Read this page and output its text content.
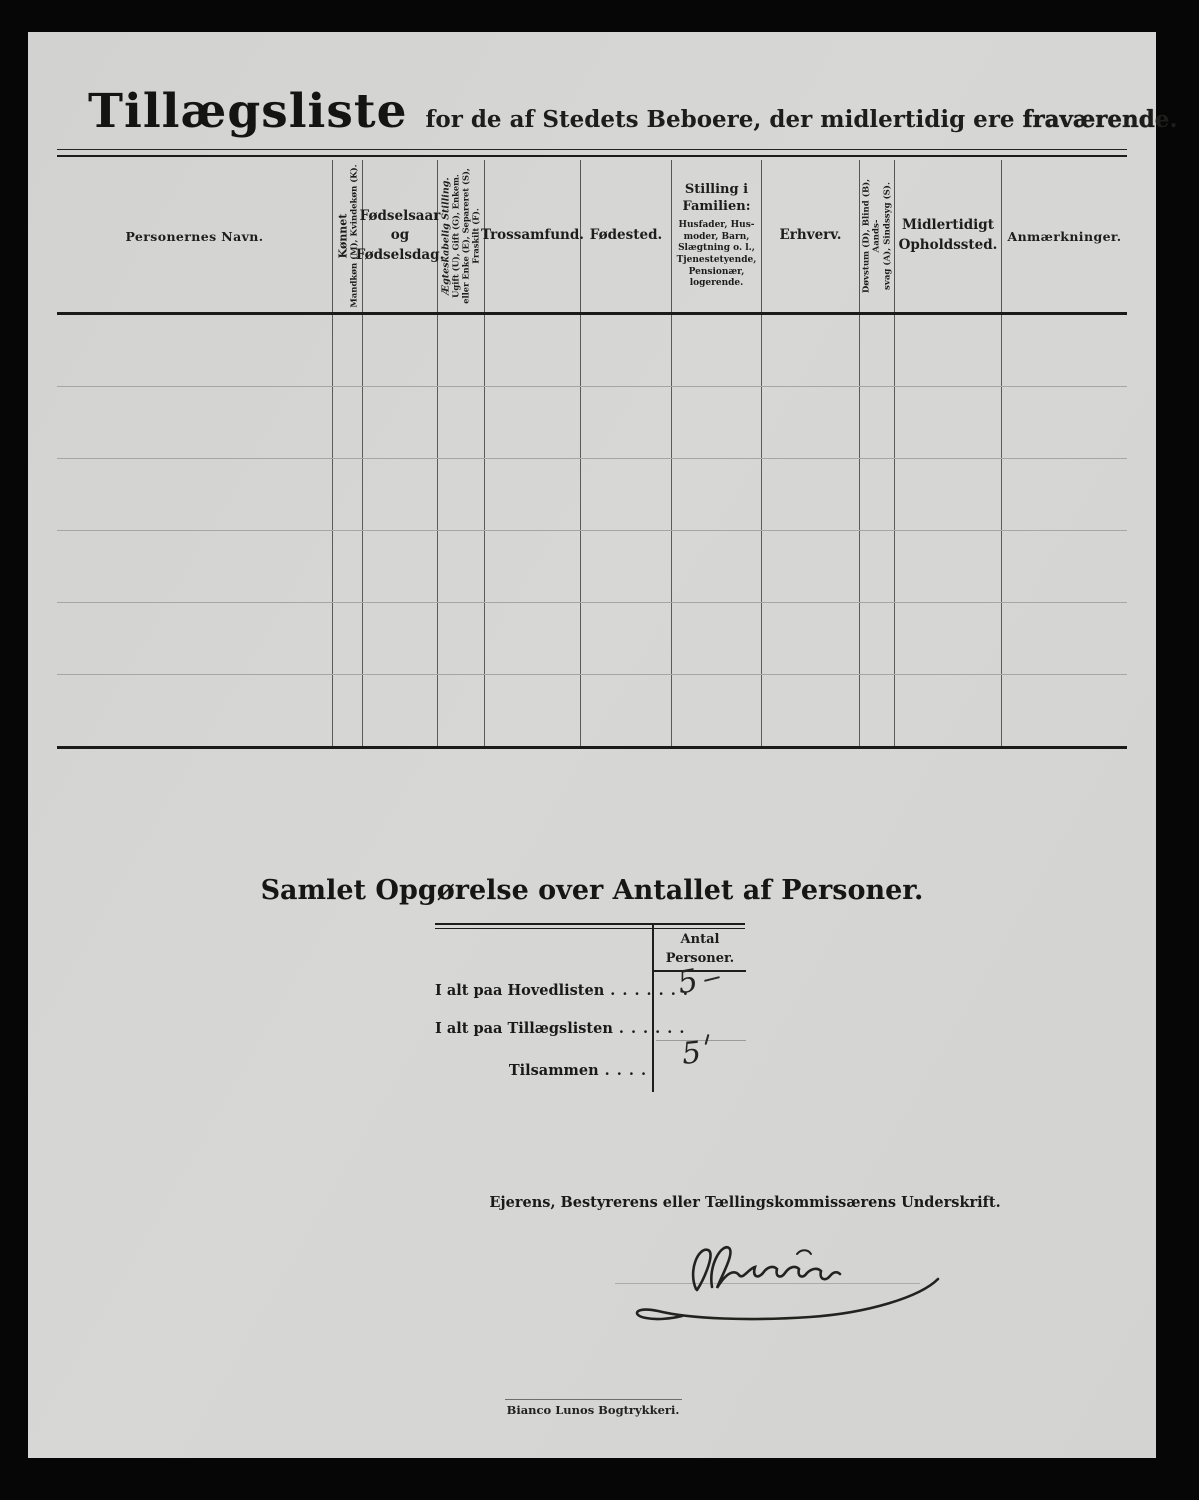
Tillægsliste for de af Stedets Beboere, der midlertidig ere fraværende.
Personernes Navn.	Kønnet Mandkøn (M), Kvindekøn (K). Fødselsaar
og
Fødselsdag.
Ægteskabelig Stilling. Ugift (U), Gift (G), Enkem. eller Enke (E), Separeret (S), Fraskilt (F). Trossamfund. Fødested.
Stilling i
Familien:
Husfader, Hus-
moder, Barn,
Slægtning o. l.,
Tjenestetyende,
Pensionær,
logerende.
Erhverv. Døvstum (D), Blind (B), Aands- svag (A), Sindssyg (S). Midlertidigt
Opholdssted.
Anmærkninger.
Samlet Opgørelse over Antallet af Personer.
Antal
Personer.
I alt paa Hovedlisten . . . . . . .
I alt paa Tillægslisten . . . . . .
Tilsammen . . . .
5
5
Ejerens, Bestyrerens eller Tællingskommissærens Underskrift.
Bianco Lunos Bogtrykkeri.
